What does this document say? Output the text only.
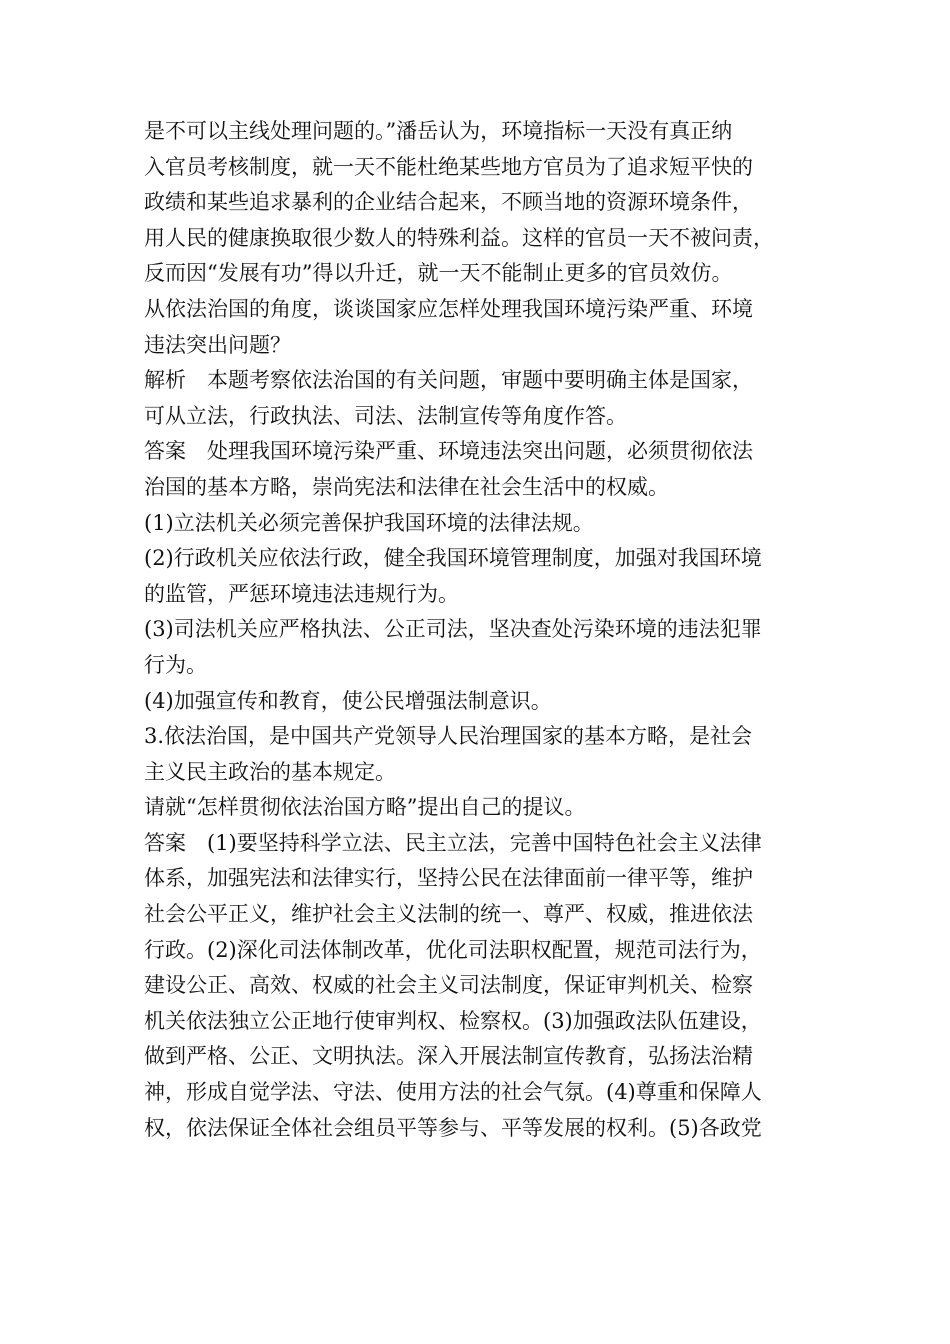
是不可以主线处理问题的。”潘岳认为，环境指标一天没有真正纳
入官员考核制度，就一天不能杜绝某些地方官员为了追求短平快的
政绩和某些追求暴利的企业结合起来，不顾当地的资源环境条件，
用人民的健康换取很少数人的特殊利益。这样的官员一天不被问责，
反而因“发展有功”得以升迁，就一天不能制止更多的官员效仿。
从依法治国的角度，谈谈国家应怎样处理我国环境污染严重、环境
违法突出问题？
解析　本题考察依法治国的有关问题，审题中要明确主体是国家，
可从立法，行政执法、司法、法制宣传等角度作答。
答案　处理我国环境污染严重、环境违法突出问题，必须贯彻依法
治国的基本方略，崇尚宪法和法律在社会生活中的权威。
(1)立法机关必须完善保护我国环境的法律法规。
(2)行政机关应依法行政，健全我国环境管理制度，加强对我国环境
的监管，严惩环境违法违规行为。
(3)司法机关应严格执法、公正司法，坚决查处污染环境的违法犯罪
行为。
(4)加强宣传和教育，使公民增强法制意识。
3.依法治国，是中国共产党领导人民治理国家的基本方略，是社会
主义民主政治的基本规定。
请就“怎样贯彻依法治国方略”提出自己的提议。
答案　(1)要坚持科学立法、民主立法，完善中国特色社会主义法律
体系，加强宪法和法律实行，坚持公民在法律面前一律平等，维护
社会公平正义，维护社会主义法制的统一、尊严、权威，推进依法
行政。(2)深化司法体制改革，优化司法职权配置，规范司法行为，
建设公正、高效、权威的社会主义司法制度，保证审判机关、检察
机关依法独立公正地行使审判权、检察权。(3)加强政法队伍建设，
做到严格、公正、文明执法。深入开展法制宣传教育，弘扬法治精
神，形成自觉学法、守法、使用方法的社会气氛。(4)尊重和保障人
权，依法保证全体社会组员平等参与、平等发展的权利。(5)各政党
